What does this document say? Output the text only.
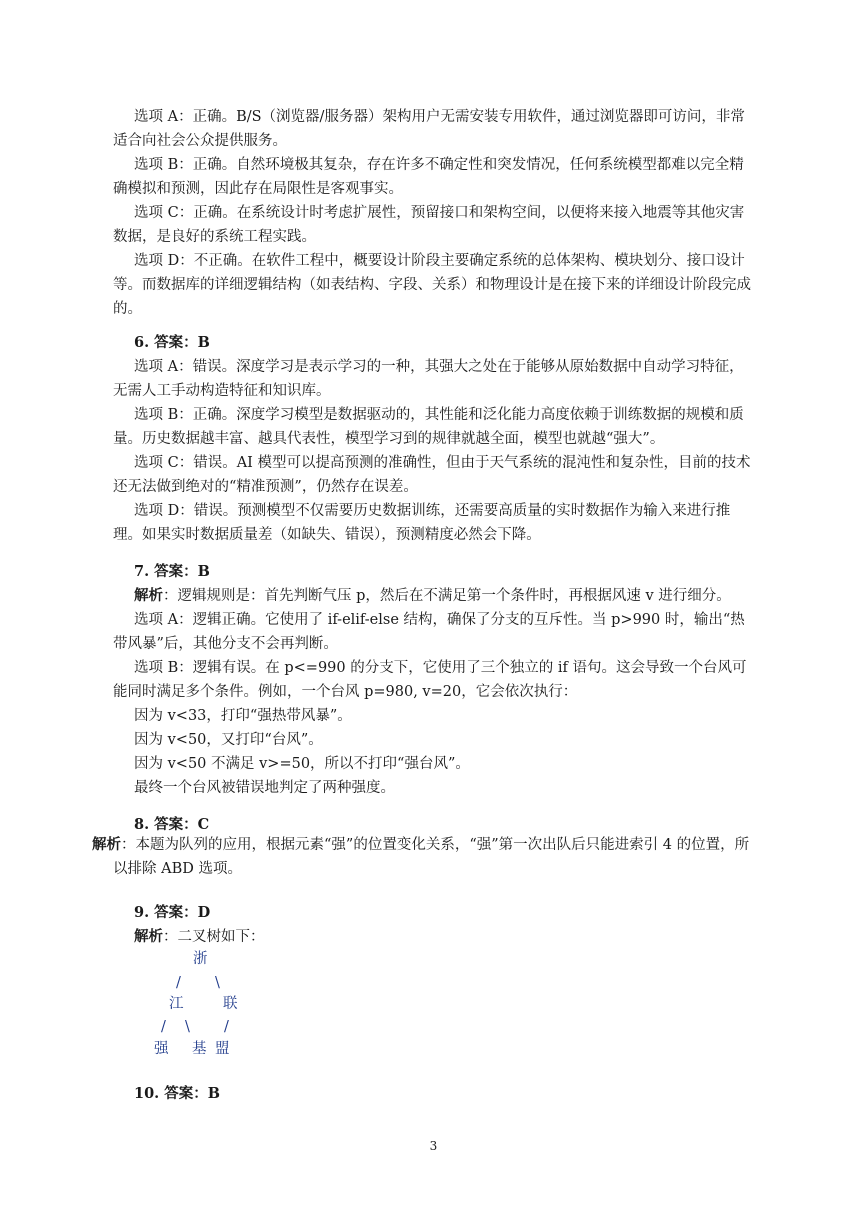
选项 A：正确。B/S（浏览器/服务器）架构用户无需安装专用软件，通过浏览器即可访问，非常适合向社会公众提供服务。

选项 B：正确。自然环境极其复杂，存在许多不确定性和突发情况，任何系统模型都难以完全精确模拟和预测，因此存在局限性是客观事实。

选项 C：正确。在系统设计时考虑扩展性，预留接口和架构空间，以便将来接入地震等其他灾害数据，是良好的系统工程实践。

选项 D：不正确。在软件工程中，概要设计阶段主要确定系统的总体架构、模块划分、接口设计等。而数据库的详细逻辑结构（如表结构、字段、关系）和物理设计是在接下来的详细设计阶段完成的。

6. 答案：B

选项 A：错误。深度学习是表示学习的一种，其强大之处在于能够从原始数据中自动学习特征，无需人工手动构造特征和知识库。

选项 B：正确。深度学习模型是数据驱动的，其性能和泛化能力高度依赖于训练数据的规模和质量。历史数据越丰富、越具代表性，模型学习到的规律就越全面，模型也就越“强大”。

选项 C：错误。AI 模型可以提高预测的准确性，但由于天气系统的混沌性和复杂性，目前的技术还无法做到绝对的“精准预测”，仍然存在误差。

选项 D：错误。预测模型不仅需要历史数据训练，还需要高质量的实时数据作为输入来进行推理。如果实时数据质量差（如缺失、错误），预测精度必然会下降。

7. 答案：B

解析：逻辑规则是：首先判断气压 p，然后在不满足第一个条件时，再根据风速 v 进行细分。

选项 A：逻辑正确。它使用了 if-elif-else 结构，确保了分支的互斥性。当 p>990 时，输出“热带风暴”后，其他分支不会再判断。

选项 B：逻辑有误。在 p<=990 的分支下，它使用了三个独立的 if 语句。这会导致一个台风可能同时满足多个条件。例如，一个台风 p=980, v=20，它会依次执行：

因为 v<33，打印“强热带风暴”。

因为 v<50，又打印“台风”。

因为 v<50 不满足 v>=50，所以不打印“强台风”。

最终一个台风被错误地判定了两种强度。

8. 答案：C

解析：本题为队列的应用，根据元素“强”的位置变化关系，“强”第一次出队后只能进索引 4 的位置，所以排除 ABD 选项。

9. 答案：D

解析：二叉树如下：

浙
/ \
江	联
/ \ /
强 基 盟
10. 答案：B
3
